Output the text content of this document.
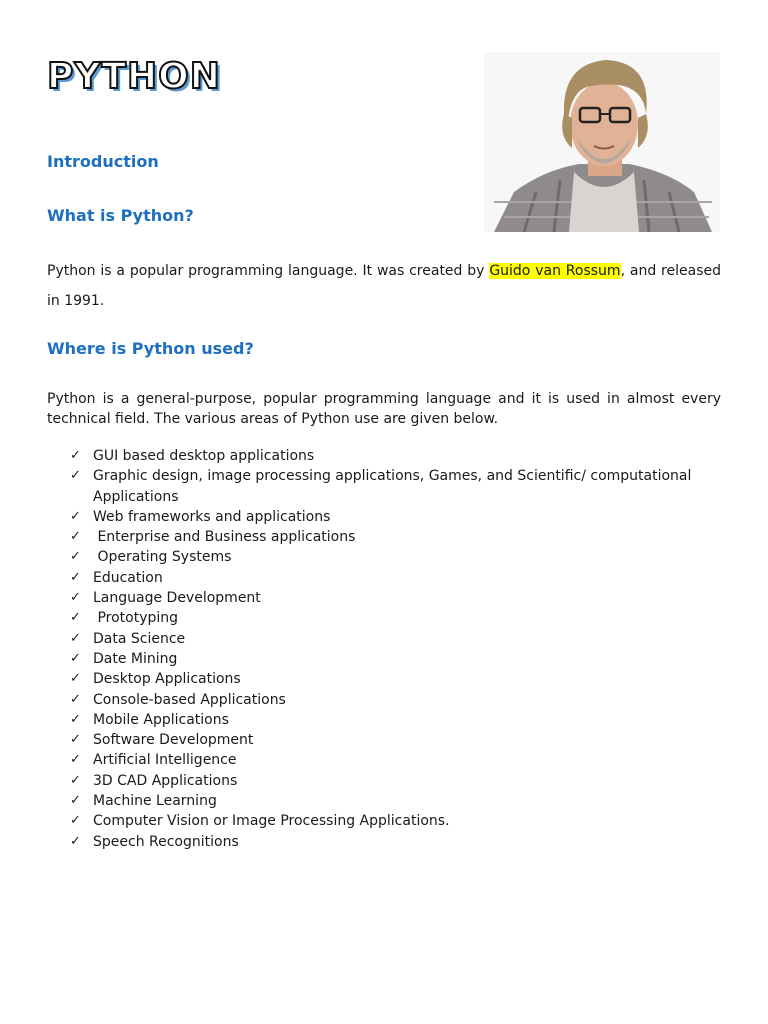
PYTHON
Introduction
What is Python?

Python is a popular programming language. It was created by Guido van Rossum, and released in 1991.

Where is Python used?

Python is a general-purpose, popular programming language and it is used in almost every technical field. The various areas of Python use are given below.

✓ GUI based desktop applications
✓ Graphic design, image processing applications, Games, and Scientific/ computational Applications
✓ Web frameworks and applications
✓ Enterprise and Business applications
✓ Operating Systems
✓ Education
✓ Language Development
✓ Prototyping
✓ Data Science
✓ Date Mining
✓ Desktop Applications
✓ Console-based Applications
✓ Mobile Applications
✓ Software Development
✓ Artificial Intelligence
✓ 3D CAD Applications
✓ Machine Learning
✓ Computer Vision or Image Processing Applications.
✓ Speech Recognitions
